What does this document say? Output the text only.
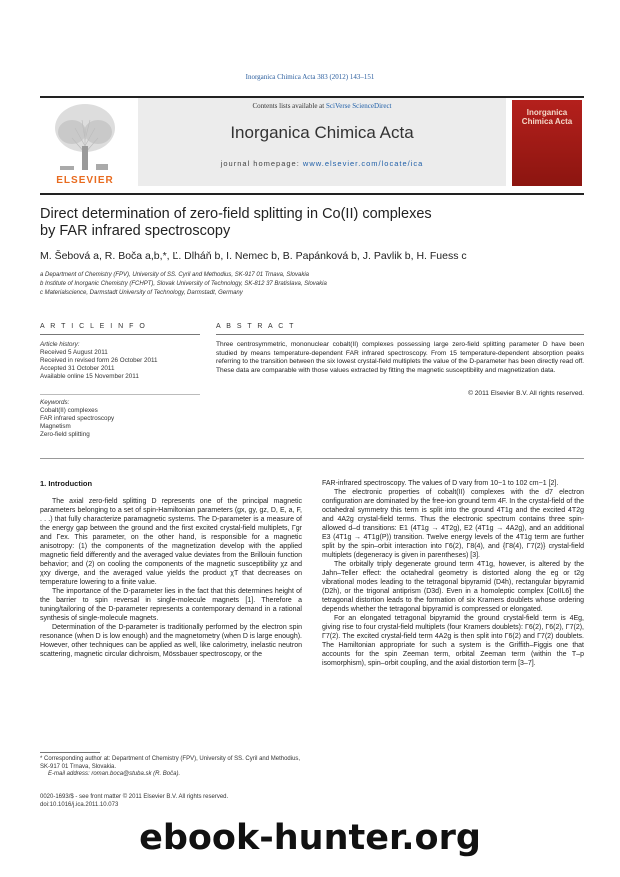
Inorganica Chimica Acta 383 (2012) 143–151
ELSEVIER
Contents lists available at SciVerse ScienceDirect
Inorganica Chimica Acta
journal homepage: www.elsevier.com/locate/ica
Inorganica
Chimica Acta
Direct determination of zero-field splitting in Co(II) complexes
by FAR infrared spectroscopy
M. Šebová a, R. Boča a,b,*, Ľ. Dlháň b, I. Nemec b, B. Papánková b, J. Pavlik b, H. Fuess c
a Department of Chemistry (FPV), University of SS. Cyril and Methodius, SK-917 01 Trnava, Slovakia
b Institute of Inorganic Chemistry (FCHPT), Slovak University of Technology, SK-812 37 Bratislava, Slovakia
c Materialscience, Darmstadt University of Technology, Darmstadt, Germany
A R T I C L E I N F O
Article history:
Received 5 August 2011
Received in revised form 26 October 2011
Accepted 31 October 2011
Available online 15 November 2011
Keywords:
Cobalt(II) complexes
FAR infrared spectroscopy
Magnetism
Zero-field splitting
A B S T R A C T
Three centrosymmetric, mononuclear cobalt(II) complexes possessing large zero-field splitting parameter D have been studied by means temperature-dependent FAR infrared spectroscopy. From 15 temperature-dependent absorption peaks referring to the transition between the six lowest crystal-field multiplets the value of the D-parameter has been directly read off. These data are comparable with those values extracted by fitting the magnetic susceptibility and magnetization data.
© 2011 Elsevier B.V. All rights reserved.
1. Introduction

The axial zero-field splitting D represents one of the principal magnetic parameters belonging to a set of spin-Hamiltonian parameters (gx, gy, gz, D, E, a, F, . . .) that fully characterize paramagnetic systems. The D-parameter is a measure of the energy gap between the ground and the first excited crystal-field multiplets, Γgr and Γex. This parameter, on the other hand, is responsible for a magnetic anisotropy: (1) the components of the magnetization develop with the applied magnetic field differently and the averaged value deviates from the Brillouin function behavior; and (2) on cooling the components of the magnetic susceptibility χz and χxy diverge, and the averaged value yields the product χT that decreases on temperature lowering to a finite value.

The importance of the D-parameter lies in the fact that this determines height of the barrier to spin reversal in single-molecule magnets [1]. Therefore a tuning/tailoring of the D-parameter represents a contemporary demand in a rational synthesis of single-molecule magnets.

Determination of the D-parameter is traditionally performed by the electron spin resonance (when D is low enough) and the magnetometry (when D is large enough). However, other techniques can be applied as well, like calorimetry, inelastic neutron scattering, magnetic circular dichroism, Mössbauer spectroscopy, or the

* Corresponding author at: Department of Chemistry (FPV), University of SS. Cyril and Methodius, SK-917 01 Trnava, Slovakia.
E-mail address: roman.boca@stuba.sk (R. Boča).
0020-1693/$ - see front matter © 2011 Elsevier B.V. All rights reserved.
doi:10.1016/j.ica.2011.10.073

FAR-infrared spectroscopy. The values of D vary from 10−1 to 102 cm−1 [2].

The electronic properties of cobalt(II) complexes with the d7 electron configuration are dominated by the free-ion ground term 4F. In the crystal-field of the octahedral symmetry this term is split into the ground 4T1g and the excited 4T2g and 4A2g crystal-field terms. Thus the electronic spectrum contains three spin-allowed d–d transitions: E1 (4T1g → 4T2g), E2 (4T1g → 4A2g), and an additional E3 (4T1g → 4T1g(P)) transition. Twelve energy levels of the 4T1g term are further split by the spin–orbit interaction into Γ6(2), Γ8(4), and {Γ8(4), Γ7(2)} crystal-field multiplets (degeneracy is given in parentheses) [3].

The orbitally triply degenerate ground term 4T1g, however, is altered by the Jahn–Teller effect: the octahedral geometry is distorted along the eg or t2g vibrational modes leading to the tetragonal bipyramid (D4h), rectangular bipyramid (D2h), or the trigonal antiprism (D3d). Even in a homoleptic complex [CoIIL6] the tetragonal distortion leads to the formation of six Kramers doublets whose ordering depends whether the tetragonal bipyramid is compressed or elongated.

For an elongated tetragonal bipyramid the ground crystal-field term is 4Eg, giving rise to four crystal-field multiplets (four Kramers doublets): Γ6(2), Γ6(2), Γ7(2), Γ7(2). The excited crystal-field term 4A2g is then split into Γ6(2) and Γ7(2) doublets. The Hamiltonian appropriate for such a system is the Griffith–Figgis one that accounts for the spin Zeeman term, orbital Zeeman term (within the T–p isomorphism), spin–orbit coupling, and the axial distortion term [3–7].

ebook-hunter.org
